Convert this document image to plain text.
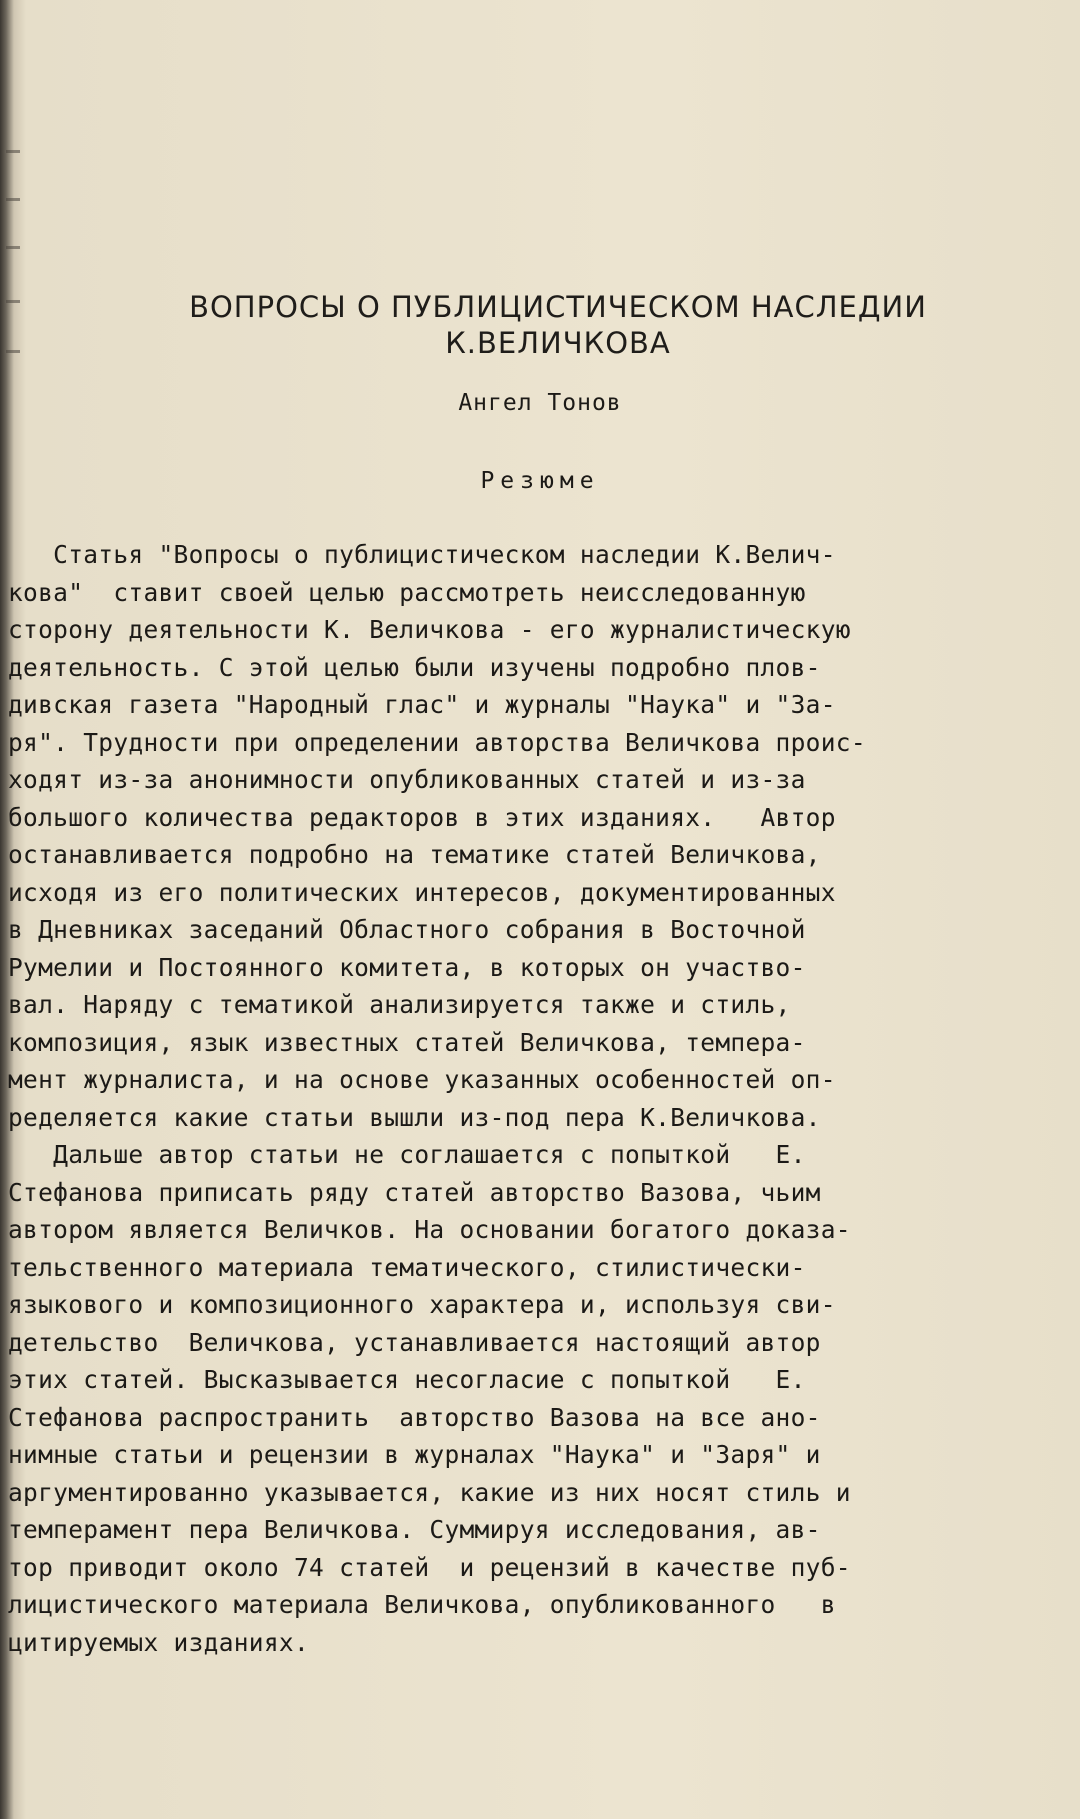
ВОПРОСЫ О ПУБЛИЦИСТИЧЕСКОМ НАСЛЕДИИ
К.ВЕЛИЧКОВА
Ангел Тонов
Резюме
Статья "Вопросы о публицистическом наследии К.Велич-
кова"  ставит своей целью рассмотреть неисследованную
сторону деятельности К. Величкова - его журналистическую
деятельность. С этой целью были изучены подробно плов-
дивская газета "Народный глас" и журналы "Наука" и "За-
ря". Трудности при определении авторства Величкова проис-
ходят из-за анонимности опубликованных статей и из-за
большого количества редакторов в этих изданиях.   Автор
останавливается подробно на тематике статей Величкова,
исходя из его политических интересов, документированных
в Дневниках заседаний Областного собрания в Восточной
Румелии и Постоянного комитета, в которых он участво-
вал. Наряду с тематикой анализируется также и стиль,
композиция, язык известных статей Величкова, темпера-
мент журналиста, и на основе указанных особенностей оп-
ределяется какие статьи вышли из-под пера К.Величкова.
Дальше автор статьи не соглашается с попыткой   Е.
Стефанова приписать ряду статей авторство Вазова, чьим
автором является Величков. На основании богатого доказа-
тельственного материала тематического, стилистически-
языкового и композиционного характера и, используя сви-
детельство  Величкова, устанавливается настоящий автор
этих статей. Высказывается несогласие с попыткой   Е.
Стефанова распространить  авторство Вазова на все ано-
нимные статьи и рецензии в журналах "Наука" и "Заря" и
аргументированно указывается, какие из них носят стиль и
темперамент пера Величкова. Суммируя исследования, ав-
тор приводит около 74 статей  и рецензий в качестве пуб-
лицистического материала Величкова, опубликованного   в
цитируемых изданиях.
